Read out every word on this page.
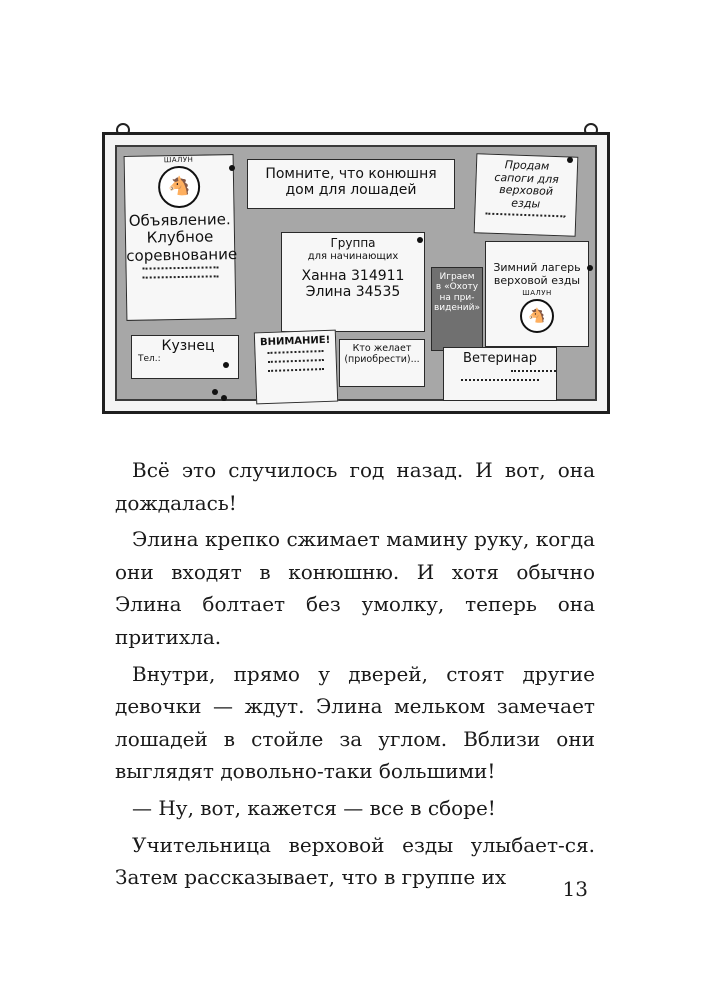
ШАЛУН
🐴
Объявление.
Клубное
соревнование
Помните, что конюшня
дом для лошадей
Продам
сапоги для
верховой
езды
Группа
для начинающих
Ханна 314911
Элина 34535
Играем
в «Охоту
на при-
видений»
Зимний лагерь
верховой езды
ШАЛУН
🐴
Кузнец
Тел.:
ВНИМАНИЕ!
Кто желает
(приобрести)...	Ветеринар

Всё это случилось год назад. И вот, она дождалась!

Элина крепко сжимает мамину руку, когда они входят в конюшню. И хотя обычно Элина болтает без умолку, теперь она притихла.

Внутри, прямо у дверей, стоят другие девочки — ждут. Элина мельком замечает лошадей в стойле за углом. Вблизи они выглядят довольно-таки большими!

— Ну, вот, кажется — все в сборе!

Учительница верховой езды улыбает-ся. Затем рассказывает, что в группе их	13
